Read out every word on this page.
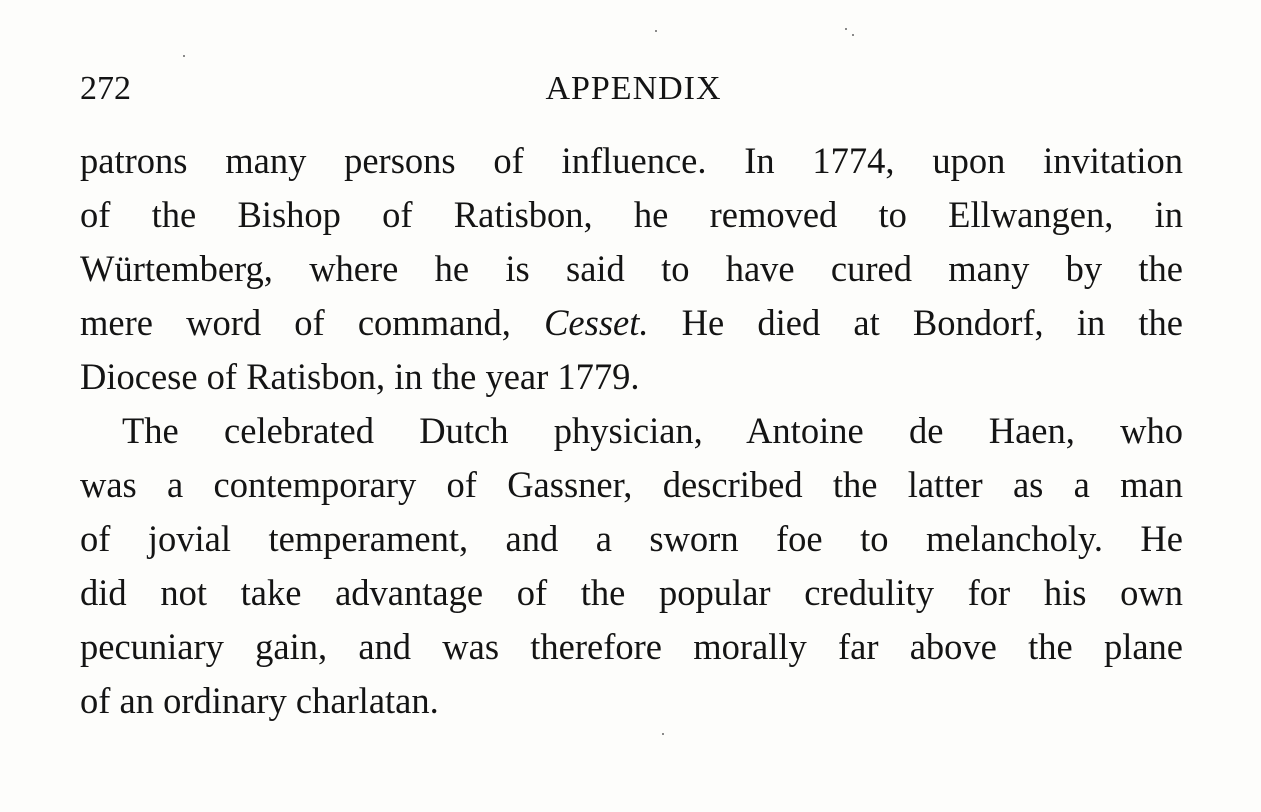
272	APPENDIX
patrons many persons of influence. In 1774, upon invitation
of the Bishop of Ratisbon, he removed to Ellwangen, in
Würtemberg, where he is said to have cured many by the
mere word of command, Cesset. He died at Bondorf, in the
Diocese of Ratisbon, in the year 1779.
The celebrated Dutch physician, Antoine de Haen, who
was a contemporary of Gassner, described the latter as a man
of jovial temperament, and a sworn foe to melancholy. He
did not take advantage of the popular credulity for his own
pecuniary gain, and was therefore morally far above the plane
of an ordinary charlatan.
